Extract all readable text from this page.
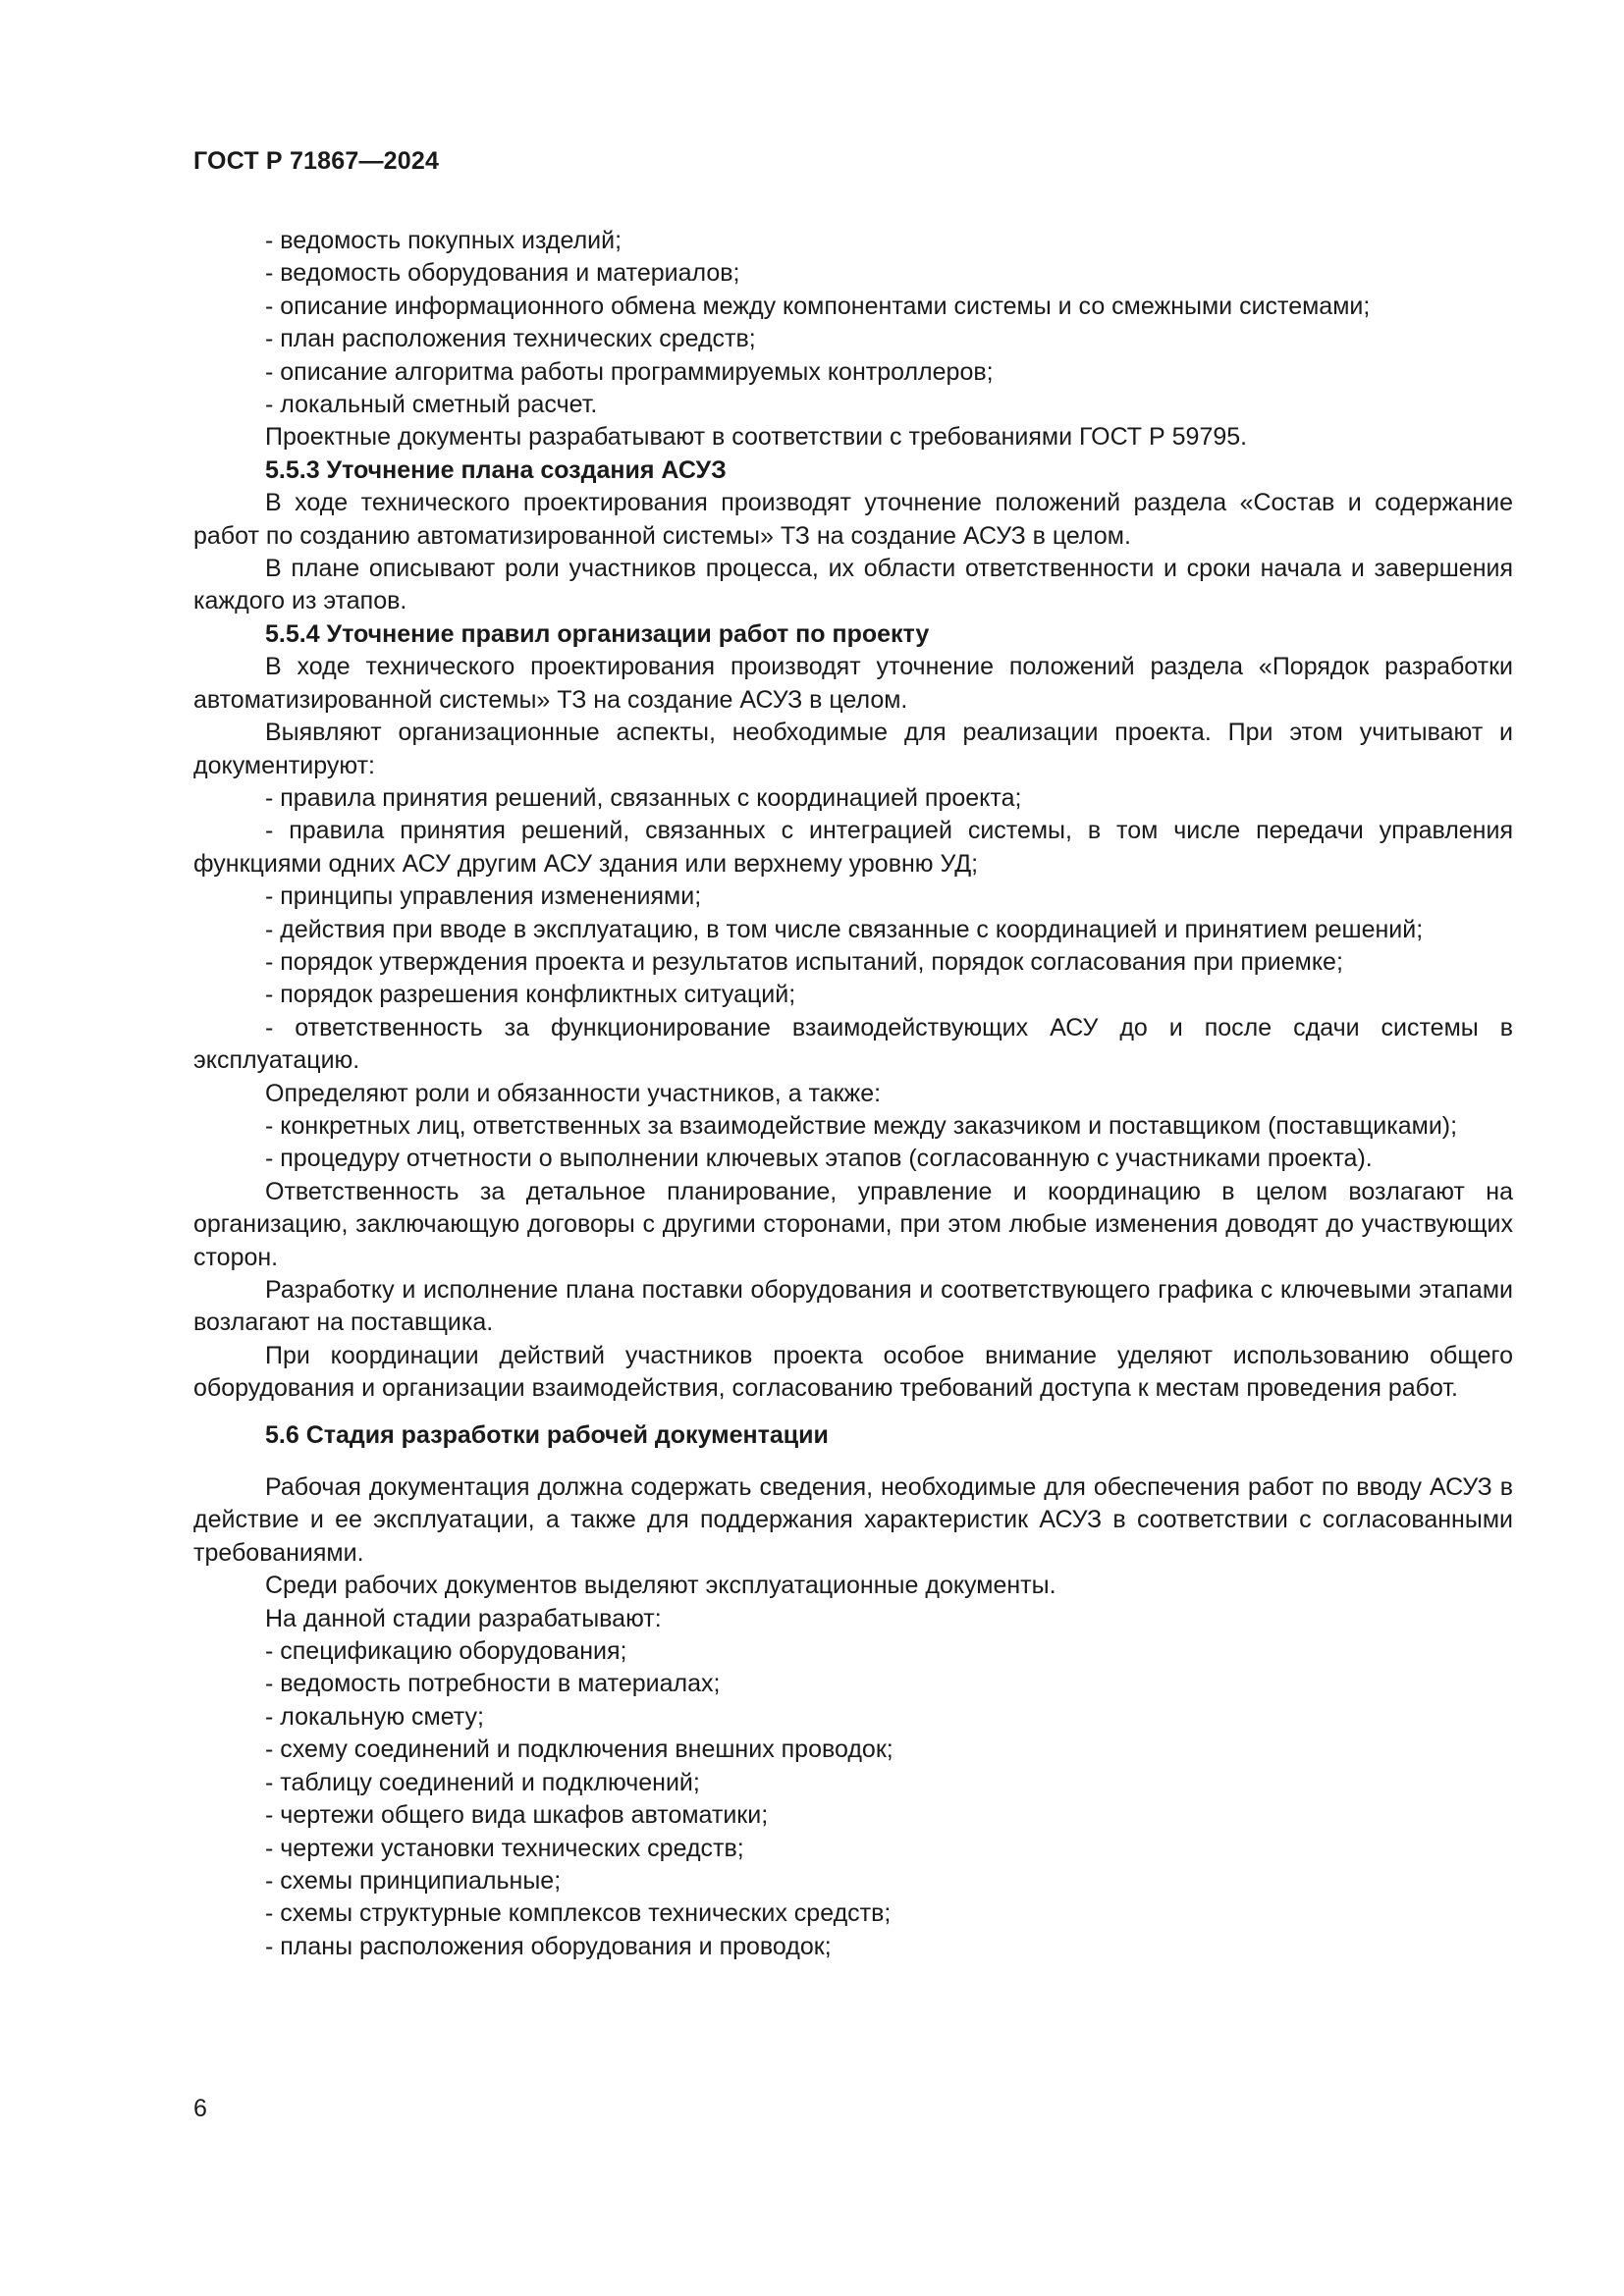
ГОСТ Р 71867—2024

- ведомость покупных изделий;

- ведомость оборудования и материалов;

- описание информационного обмена между компонентами системы и со смежными системами;

- план расположения технических средств;

- описание алгоритма работы программируемых контроллеров;

- локальный сметный расчет.

Проектные документы разрабатывают в соответствии с требованиями ГОСТ Р 59795.

5.5.3 Уточнение плана создания АСУЗ

В ходе технического проектирования производят уточнение положений раздела «Состав и содержание работ по созданию автоматизированной системы» ТЗ на создание АСУЗ в целом.

В плане описывают роли участников процесса, их области ответственности и сроки начала и завершения каждого из этапов.

5.5.4 Уточнение правил организации работ по проекту

В ходе технического проектирования производят уточнение положений раздела «Порядок разработки автоматизированной системы» ТЗ на создание АСУЗ в целом.

Выявляют организационные аспекты, необходимые для реализации проекта. При этом учитывают и документируют:

- правила принятия решений, связанных с координацией проекта;

- правила принятия решений, связанных с интеграцией системы, в том числе передачи управления функциями одних АСУ другим АСУ здания или верхнему уровню УД;

- принципы управления изменениями;

- действия при вводе в эксплуатацию, в том числе связанные с координацией и принятием решений;

- порядок утверждения проекта и результатов испытаний, порядок согласования при приемке;

- порядок разрешения конфликтных ситуаций;

- ответственность за функционирование взаимодействующих АСУ до и после сдачи системы в эксплуатацию.

Определяют роли и обязанности участников, а также:

- конкретных лиц, ответственных за взаимодействие между заказчиком и поставщиком (поставщиками);

- процедуру отчетности о выполнении ключевых этапов (согласованную с участниками проекта).

Ответственность за детальное планирование, управление и координацию в целом возлагают на организацию, заключающую договоры с другими сторонами, при этом любые изменения доводят до участвующих сторон.

Разработку и исполнение плана поставки оборудования и соответствующего графика с ключевыми этапами возлагают на поставщика.

При координации действий участников проекта особое внимание уделяют использованию общего оборудования и организации взаимодействия, согласованию требований доступа к местам проведения работ.

5.6 Стадия разработки рабочей документации

Рабочая документация должна содержать сведения, необходимые для обеспечения работ по вводу АСУЗ в действие и ее эксплуатации, а также для поддержания характеристик АСУЗ в соответствии с согласованными требованиями.

Среди рабочих документов выделяют эксплуатационные документы.

На данной стадии разрабатывают:

- спецификацию оборудования;

- ведомость потребности в материалах;

- локальную смету;

- схему соединений и подключения внешних проводок;

- таблицу соединений и подключений;

- чертежи общего вида шкафов автоматики;

- чертежи установки технических средств;

- схемы принципиальные;

- схемы структурные комплексов технических средств;

- планы расположения оборудования и проводок;

6
